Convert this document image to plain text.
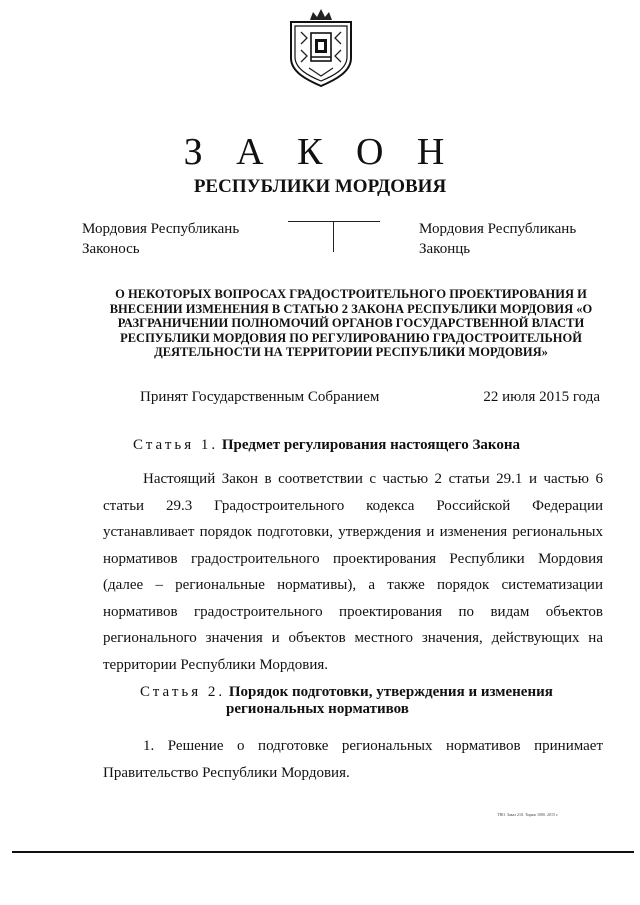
З А К О Н
РЕСПУБЛИКИ МОРДОВИЯ
Мордовия Республикань
Законось
Мордовия Республикань
Законць
О НЕКОТОРЫХ ВОПРОСАХ ГРАДОСТРОИТЕЛЬНОГО ПРОЕКТИРОВАНИЯ И ВНЕСЕНИИ ИЗМЕНЕНИЯ В СТАТЬЮ 2 ЗАКОНА РЕСПУБЛИКИ МОРДОВИЯ «О РАЗГРАНИЧЕНИИ ПОЛНОМОЧИЙ ОРГАНОВ ГОСУДАРСТВЕННОЙ ВЛАСТИ РЕСПУБЛИКИ МОРДОВИЯ ПО РЕГУЛИРОВАНИЮ ГРАДОСТРОИТЕЛЬНОЙ ДЕЯТЕЛЬНОСТИ НА ТЕРРИТОРИИ РЕСПУБЛИКИ МОРДОВИЯ»
Принят Государственным Собранием	22 июля 2015 года
Статья 1. Предмет регулирования настоящего Закона

Настоящий Закон в соответствии с частью 2 статьи 29.1 и частью 6 статьи 29.3 Градостроительного кодекса Российской Федерации устанавливает порядок подготовки, утверждения и изменения региональных нормативов градостроительного проектирования Республики Мордовия (далее – региональные нормативы), а также порядок систематизации нормативов градостроительного проектирования по видам объектов регионального значения и объектов местного значения, действующих на территории Республики Мордовия.

Статья 2. Порядок подготовки, утверждения и изменения
региональных нормативов

1. Решение о подготовке региональных нормативов принимает Правительство Республики Мордовия.

ТВО. Заказ 210. Тираж 1000. 2015 г.
